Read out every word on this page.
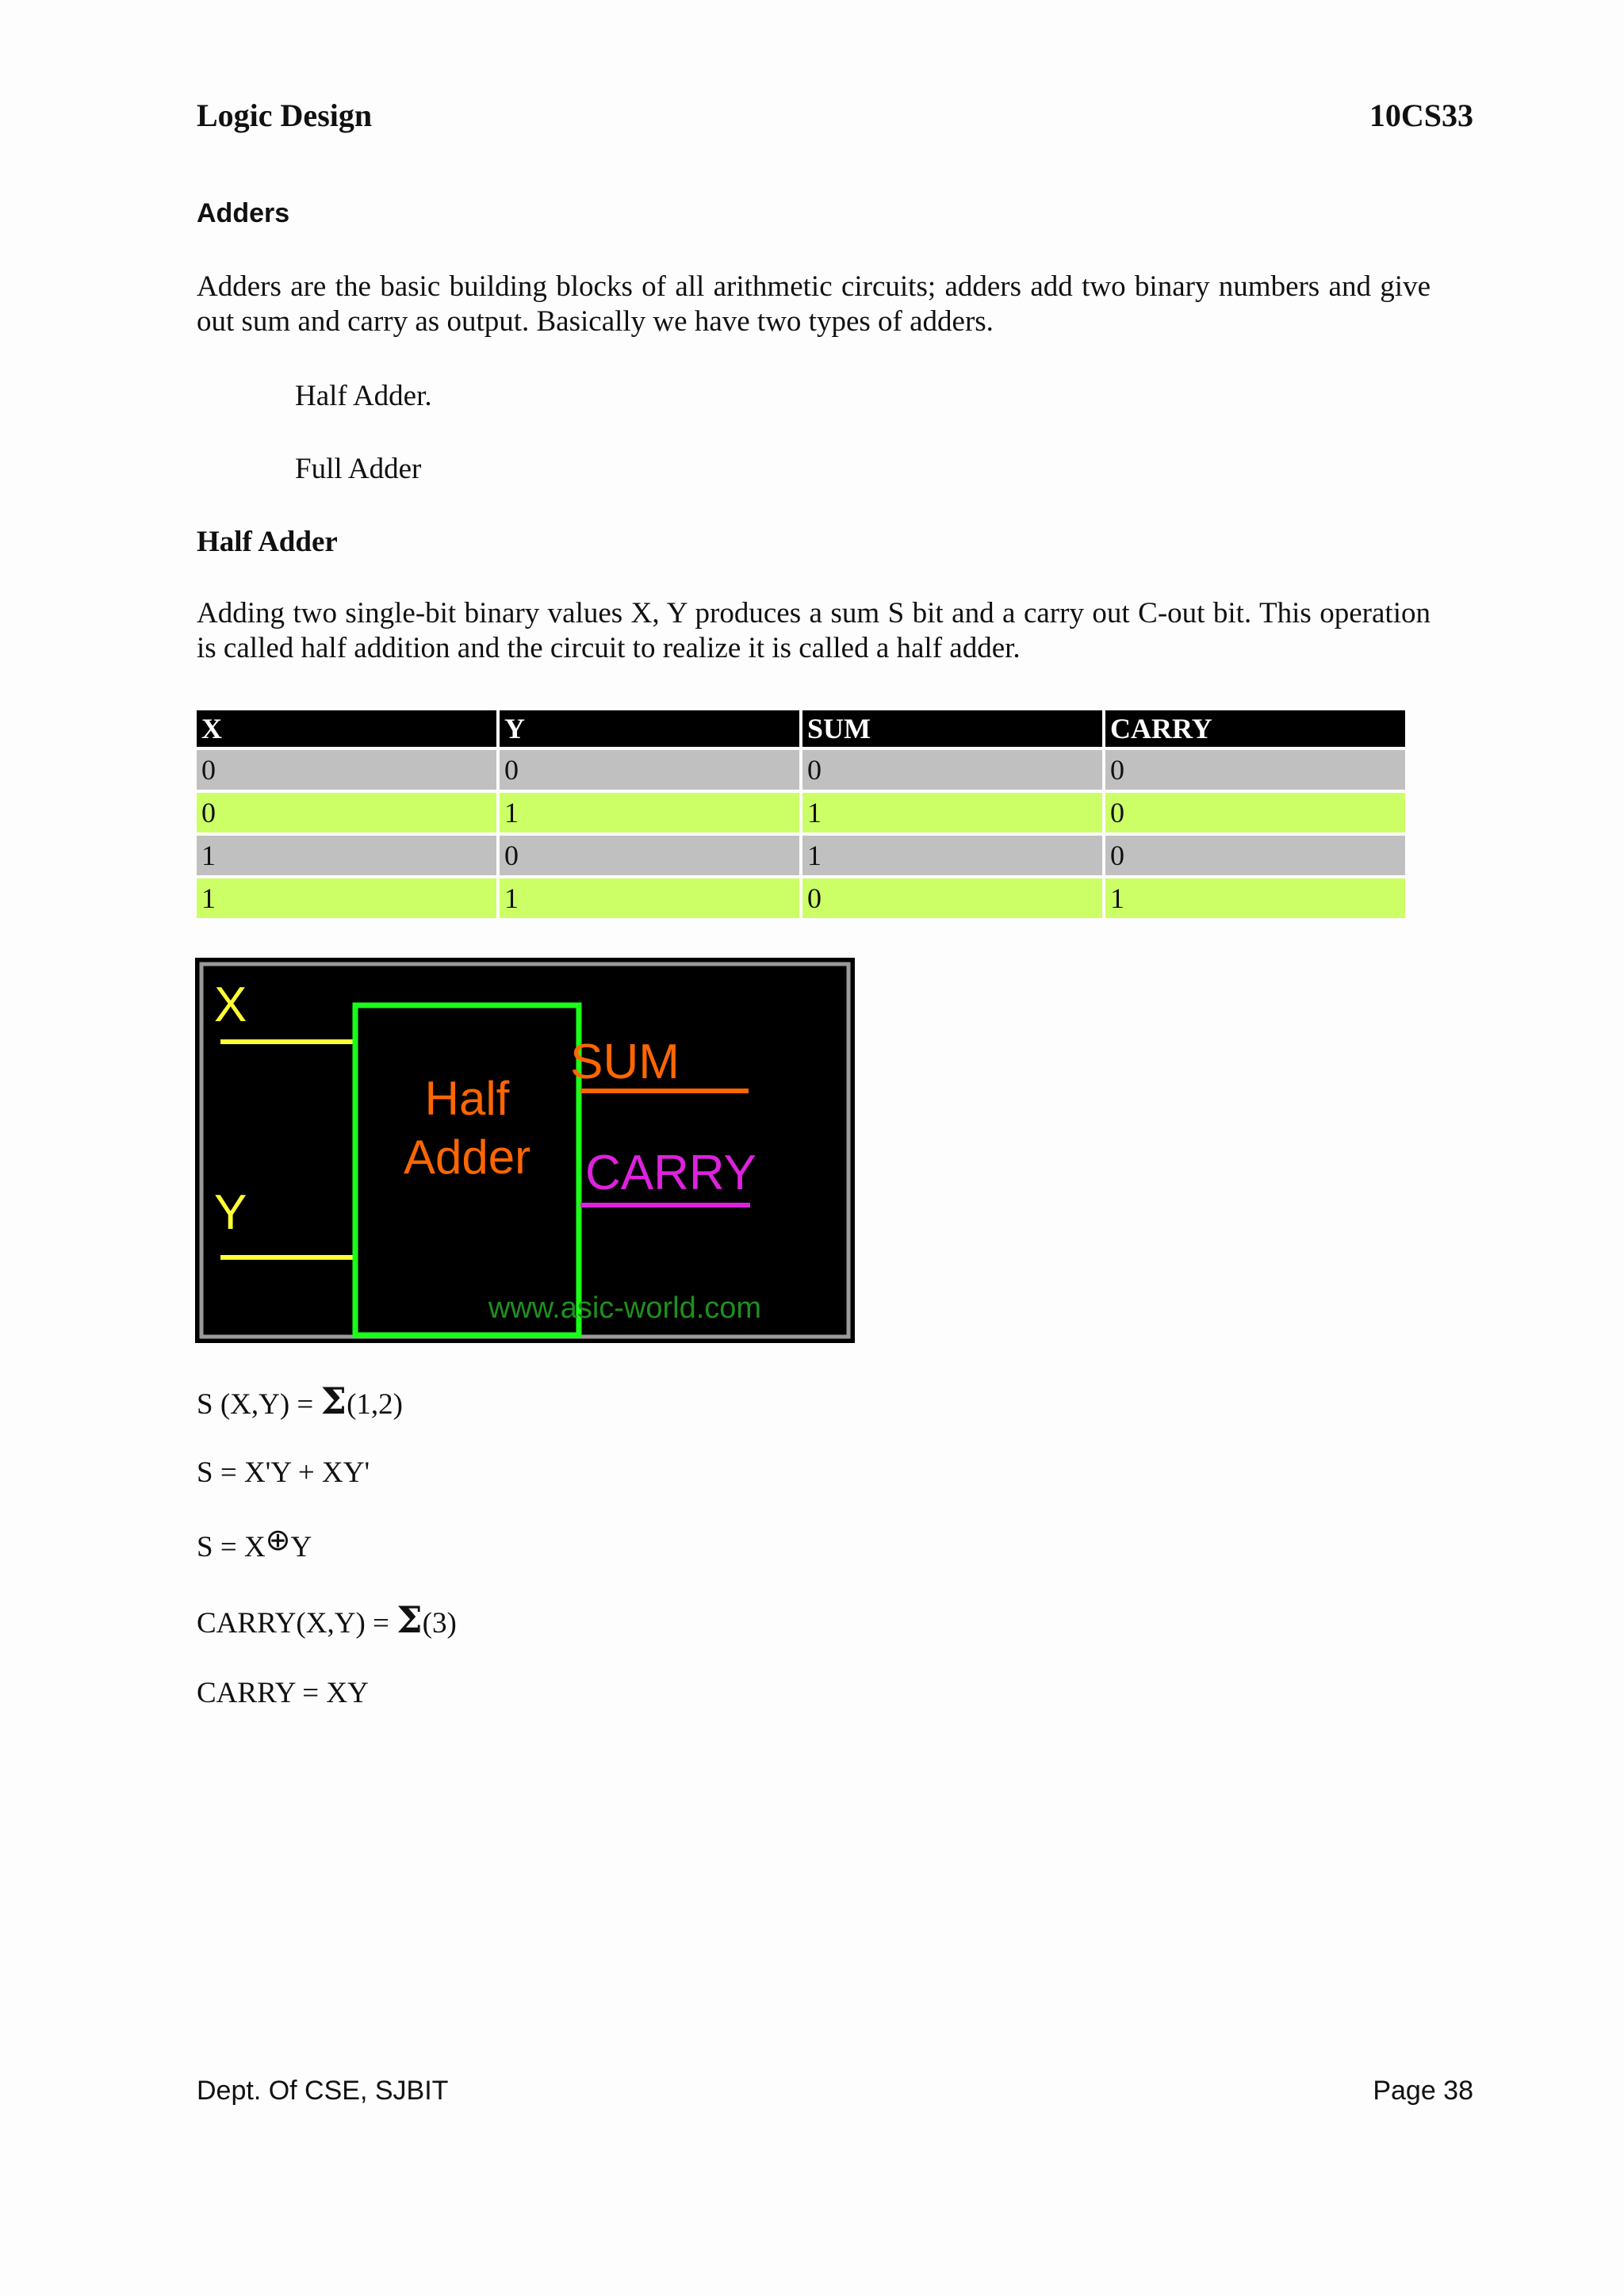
Logic Design	10CS33
Adders
Adders are the basic building blocks of all arithmetic circuits; adders add two binary numbers and give out sum and carry as output. Basically we have two types of adders.
Half Adder.
Full Adder
Half Adder
Adding two single-bit binary values X, Y produces a sum S bit and a carry out C-out bit. This operation is called half addition and the circuit to realize it is called a half adder.
X	Y	SUM	CARRY
0	0	0	0
0	1	1	0
1	0	1	0
1	1	0	1
X
Y
Half
Adder
SUM
CARRY
www.asic-world.com
S (X,Y) = Σ(1,2)
S = X'Y + XY'
S = X⊕Y
CARRY(X,Y) = Σ(3)
CARRY = XY
Dept. Of CSE, SJBIT	Page 38
